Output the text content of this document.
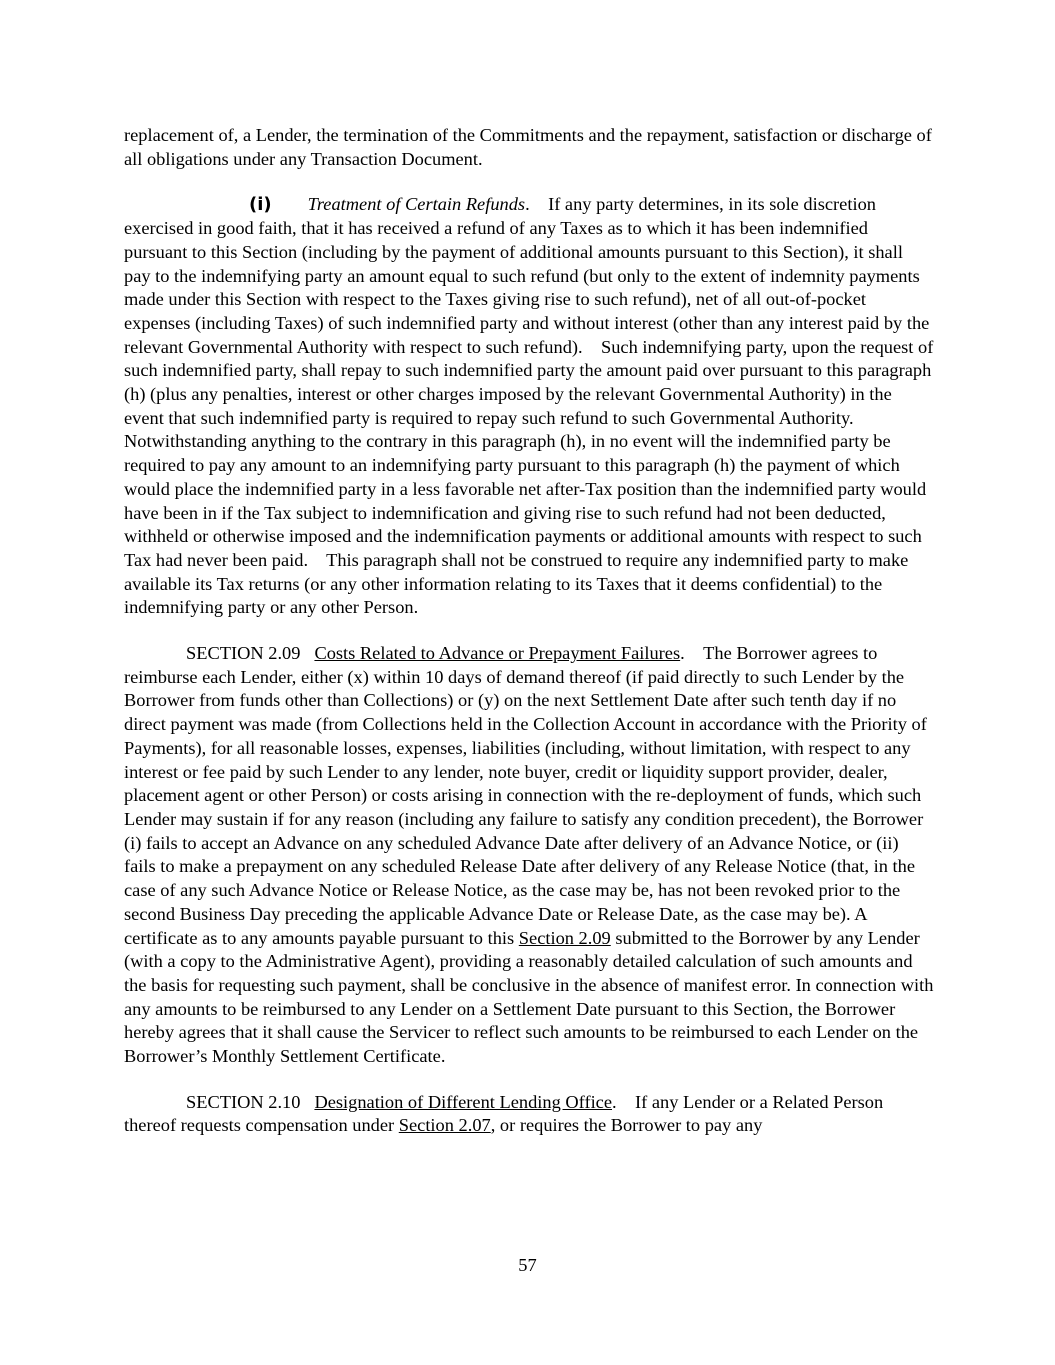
replacement of, a Lender, the termination of the Commitments and the repayment, satisfaction or discharge of all obligations under any Transaction Document.

(i) Treatment of Certain Refunds. If any party determines, in its sole discretion exercised in good faith, that it has received a refund of any Taxes as to which it has been indemnified pursuant to this Section (including by the payment of additional amounts pursuant to this Section), it shall pay to the indemnifying party an amount equal to such refund (but only to the extent of indemnity payments made under this Section with respect to the Taxes giving rise to such refund), net of all out-of-pocket expenses (including Taxes) of such indemnified party and without interest (other than any interest paid by the relevant Governmental Authority with respect to such refund).    Such indemnifying party, upon the request of such indemnified party, shall repay to such indemnified party the amount paid over pursuant to this paragraph (h) (plus any penalties, interest or other charges imposed by the relevant Governmental Authority) in the event that such indemnified party is required to repay such refund to such Governmental Authority.    Notwithstanding anything to the contrary in this paragraph (h), in no event will the indemnified party be required to pay any amount to an indemnifying party pursuant to this paragraph (h) the payment of which would place the indemnified party in a less favorable net after-Tax position than the indemnified party would have been in if the Tax subject to indemnification and giving rise to such refund had not been deducted, withheld or otherwise imposed and the indemnification payments or additional amounts with respect to such Tax had never been paid.    This paragraph shall not be construed to require any indemnified party to make available its Tax returns (or any other information relating to its Taxes that it deems confidential) to the indemnifying party or any other Person.

SECTION 2.09 Costs Related to Advance or Prepayment Failures. The Borrower agrees to reimburse each Lender, either (x) within 10 days of demand thereof (if paid directly to such Lender by the Borrower from funds other than Collections) or (y) on the next Settlement Date after such tenth day if no direct payment was made (from Collections held in the Collection Account in accordance with the Priority of Payments), for all reasonable losses, expenses, liabilities (including, without limitation, with respect to any interest or fee paid by such Lender to any lender, note buyer, credit or liquidity support provider, dealer, placement agent or other Person) or costs arising in connection with the re-deployment of funds, which such Lender may sustain if for any reason (including any failure to satisfy any condition precedent), the Borrower (i) fails to accept an Advance on any scheduled Advance Date after delivery of an Advance Notice, or (ii) fails to make a prepayment on any scheduled Release Date after delivery of any Release Notice (that, in the case of any such Advance Notice or Release Notice, as the case may be, has not been revoked prior to the second Business Day preceding the applicable Advance Date or Release Date, as the case may be). A certificate as to any amounts payable pursuant to this Section 2.09 submitted to the Borrower by any Lender (with a copy to the Administrative Agent), providing a reasonably detailed calculation of such amounts and the basis for requesting such payment, shall be conclusive in the absence of manifest error. In connection with any amounts to be reimbursed to any Lender on a Settlement Date pursuant to this Section, the Borrower hereby agrees that it shall cause the Servicer to reflect such amounts to be reimbursed to each Lender on the Borrower’s Monthly Settlement Certificate.

SECTION 2.10 Designation of Different Lending Office. If any Lender or a Related Person thereof requests compensation under Section 2.07, or requires the Borrower to pay any

57
